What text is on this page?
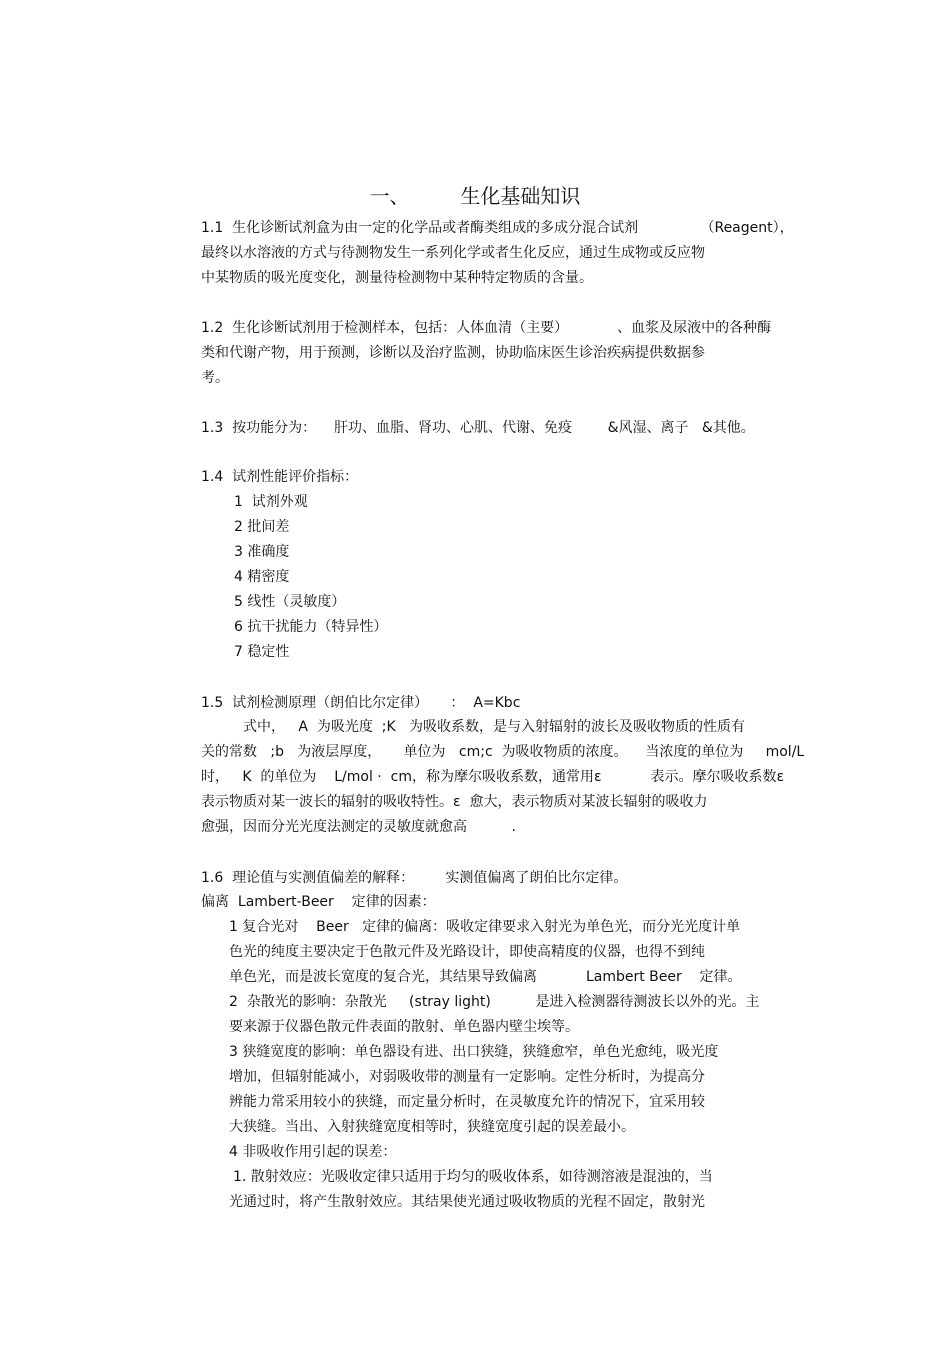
一、        生化基础知识
1.1  生化诊断试剂盒为由一定的化学品或者酶类组成的多成分混合试剂              （Reagent），
最终以水溶液的方式与待测物发生一系列化学或者生化反应，通过生成物或反应物
中某物质的吸光度变化，测量待检测物中某种特定物质的含量。
1.2  生化诊断试剂用于检测样本，包括：人体血清（主要）           、血浆及尿液中的各种酶
类和代谢产物，用于预测，诊断以及治疗监测，协助临床医生诊治疾病提供数据参
考。
1.3  按功能分为：    肝功、血脂、肾功、心肌、代谢、免疫        &风湿、离子   &其他。
1.4  试剂性能评价指标：
1  试剂外观
2 批间差
3 准确度
4 精密度
5 线性（灵敏度）
6 抗干扰能力（特异性）
7 稳定性
1.5  试剂检测原理（朗伯比尔定律）     ：  A=Kbc
式中，   A  为吸光度  ;K   为吸收系数，是与入射辐射的波长及吸收物质的性质有
关的常数   ;b   为液层厚度，     单位为   cm;c  为吸收物质的浓度。    当浓度的单位为     mol/L
时，   K  的单位为    L/mol ·  cm，称为摩尔吸收系数，通常用ε           表示。摩尔吸收系数ε
表示物质对某一波长的辐射的吸收特性。ε  愈大，表示物质对某波长辐射的吸收力
愈强，因而分光光度法测定的灵敏度就愈高          .
1.6  理论值与实测值偏差的解释：       实测值偏离了朗伯比尔定律。
偏离  Lambert-Beer    定律的因素：
1 复合光对    Beer   定律的偏离：吸收定律要求入射光为单色光，而分光光度计单
色光的纯度主要决定于色散元件及光路设计，即使高精度的仪器，也得不到纯
单色光，而是波长宽度的复合光，其结果导致偏离           Lambert Beer    定律。
2  杂散光的影响：杂散光     (stray light)          是进入检测器待测波长以外的光。主
要来源于仪器色散元件表面的散射、单色器内壁尘埃等。
3 狭缝宽度的影响：单色器设有进、出口狭缝，狭缝愈窄，单色光愈纯，吸光度
增加，但辐射能减小，对弱吸收带的测量有一定影响。定性分析时，为提高分
辨能力常采用较小的狭缝，而定量分析时，在灵敏度允许的情况下，宜采用较
大狭缝。当出、入射狭缝宽度相等时，狭缝宽度引起的误差最小。
4 非吸收作用引起的误差：
1. 散射效应：光吸收定律只适用于均匀的吸收体系，如待测溶液是混浊的，当
光通过时，将产生散射效应。其结果使光通过吸收物质的光程不固定，散射光
